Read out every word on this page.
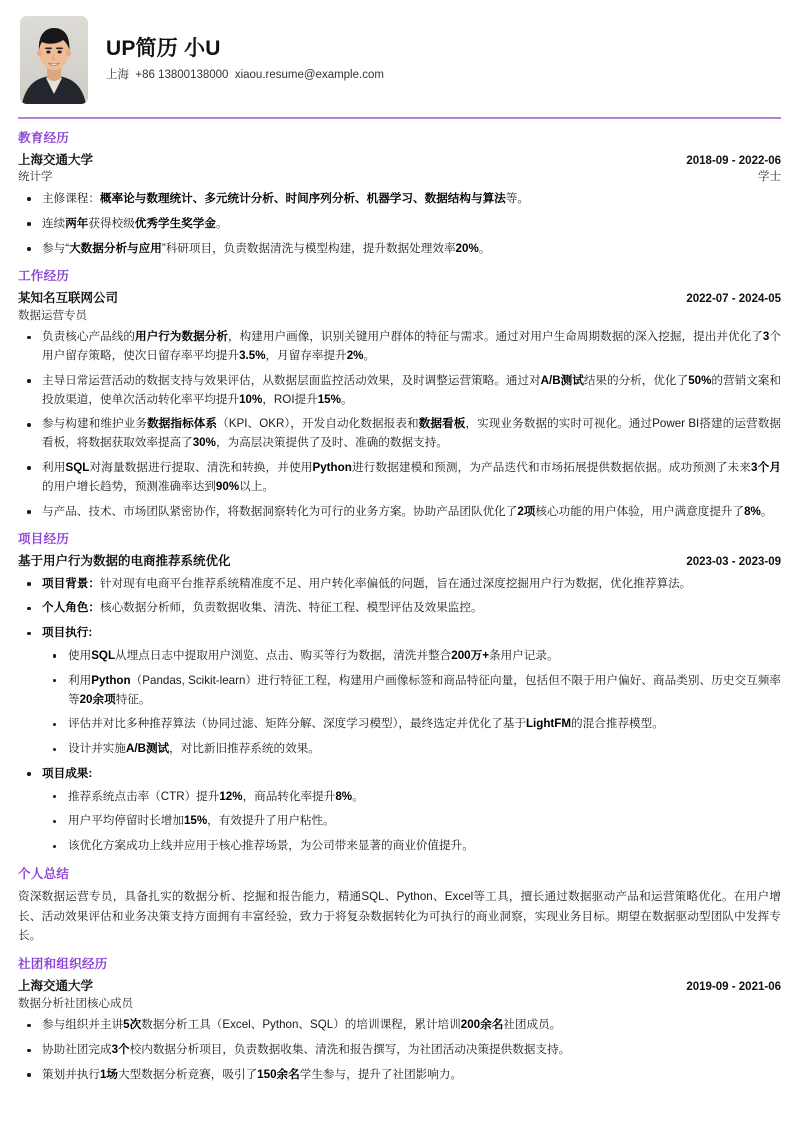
UP简历 小U
上海  +86 13800138000  xiaou.resume@example.com
教育经历
上海交通大学	2018-09 - 2022-06
统计学	学士
主修课程：概率论与数理统计、多元统计分析、时间序列分析、机器学习、数据结构与算法等。
连续两年获得校级优秀学生奖学金。
参与“大数据分析与应用”科研项目，负责数据清洗与模型构建，提升数据处理效率20%。
工作经历
某知名互联网公司	2022-07 - 2024-05
数据运营专员
负责核心产品线的用户行为数据分析，构建用户画像，识别关键用户群体的特征与需求。通过对用户生命周期数据的深入挖掘，提出并优化了3个用户留存策略，使次日留存率平均提升3.5%，月留存率提升2%。
主导日常运营活动的数据支持与效果评估，从数据层面监控活动效果，及时调整运营策略。通过对A/B测试结果的分析，优化了50%的营销文案和投放渠道，使单次活动转化率平均提升10%，ROI提升15%。
参与构建和维护业务数据指标体系（KPI、OKR），开发自动化数据报表和数据看板，实现业务数据的实时可视化。通过Power BI搭建的运营数据看板，将数据获取效率提高了30%，为高层决策提供了及时、准确的数据支持。
利用SQL对海量数据进行提取、清洗和转换，并使用Python进行数据建模和预测，为产品迭代和市场拓展提供数据依据。成功预测了未来3个月的用户增长趋势，预测准确率达到90%以上。
与产品、技术、市场团队紧密协作，将数据洞察转化为可行的业务方案。协助产品团队优化了2项核心功能的用户体验，用户满意度提升了8%。
项目经历
基于用户行为数据的电商推荐系统优化	2023-03 - 2023-09
项目背景：针对现有电商平台推荐系统精准度不足、用户转化率偏低的问题，旨在通过深度挖掘用户行为数据，优化推荐算法。
个人角色：核心数据分析师，负责数据收集、清洗、特征工程、模型评估及效果监控。
项目执行:
使用SQL从埋点日志中提取用户浏览、点击、购买等行为数据，清洗并整合200万+条用户记录。
利用Python（Pandas, Scikit-learn）进行特征工程，构建用户画像标签和商品特征向量，包括但不限于用户偏好、商品类别、历史交互频率等20余项特征。
评估并对比多种推荐算法（协同过滤、矩阵分解、深度学习模型），最终选定并优化了基于LightFM的混合推荐模型。
设计并实施A/B测试，对比新旧推荐系统的效果。
项目成果:
推荐系统点击率（CTR）提升12%，商品转化率提升8%。
用户平均停留时长增加15%，有效提升了用户粘性。
该优化方案成功上线并应用于核心推荐场景，为公司带来显著的商业价值提升。
个人总结
资深数据运营专员，具备扎实的数据分析、挖掘和报告能力，精通SQL、Python、Excel等工具，擅长通过数据驱动产品和运营策略优化。在用户增长、活动效果评估和业务决策支持方面拥有丰富经验，致力于将复杂数据转化为可执行的商业洞察，实现业务目标。期望在数据驱动型团队中发挥专长。
社团和组织经历
上海交通大学	2019-09 - 2021-06
数据分析社团核心成员
参与组织并主讲5次数据分析工具（Excel、Python、SQL）的培训课程，累计培训200余名社团成员。
协助社团完成3个校内数据分析项目，负责数据收集、清洗和报告撰写，为社团活动决策提供数据支持。
策划并执行1场大型数据分析竞赛，吸引了150余名学生参与，提升了社团影响力。
